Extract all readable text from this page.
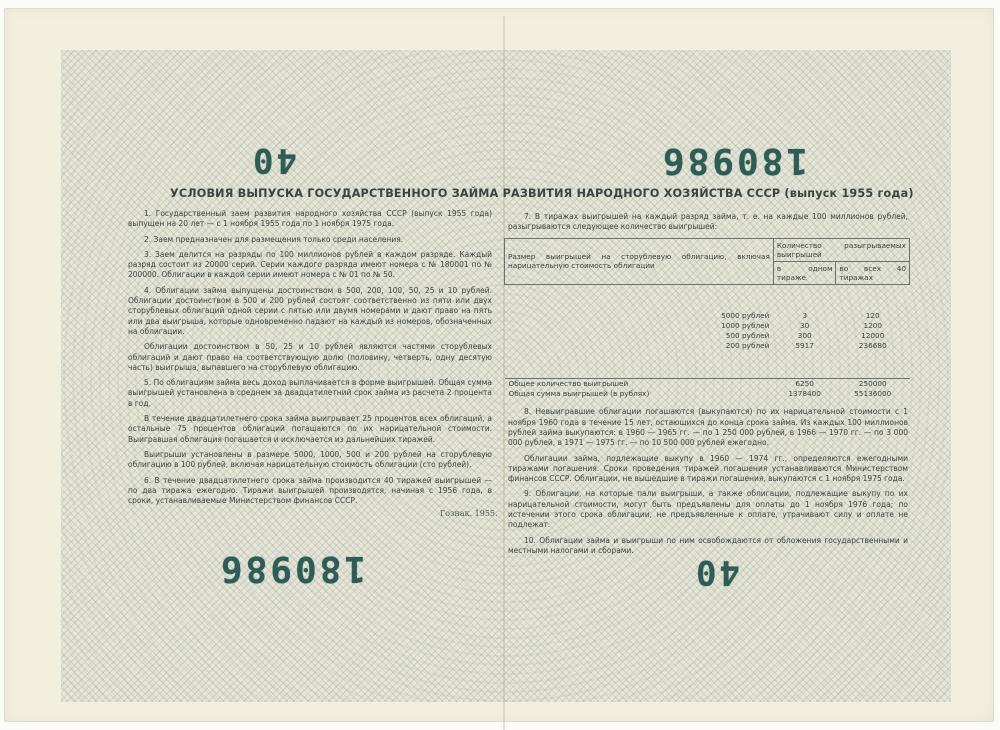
40	180986
180986	40
УСЛОВИЯ ВЫПУСКА ГОСУДАРСТВЕННОГО ЗАЙМА РАЗВИТИЯ НАРОДНОГО ХОЗЯЙСТВА СССР (выпуск 1955 года)

1. Государственный заем развития народного хозяйства СССР (выпуск 1955 года) выпущен на 20 лет — с 1 ноября 1955 года по 1 ноября 1975 года.

2. Заем предназначен для размещения только среди населения.

3. Заем делится на разряды по 100 миллионов рублей в каждом разряде. Каждый разряд состоит из 20000 серий. Серии каждого разряда имеют номера с № 180001 по № 200000. Облигации в каждой серии имеют номера с № 01 по № 50.

4. Облигации займа выпущены достоинством в 500, 200, 100, 50, 25 и 10 рублей. Облигации достоинством в 500 и 200 рублей состоят соответственно из пяти или двух сторублевых облигаций одной серии с пятью или двумя номерами и дают право на пять или два выигрыша, которые одновременно падают на каждый из номеров, обозначенных на облигации.

Облигации достоинством в 50, 25 и 10 рублей являются частями сторублевых облигаций и дают право на соответствующую долю (половину, четверть, одну десятую часть) выигрыша, выпавшего на сторублевую облигацию.

5. По облигациям займа весь доход выплачивается в форме выигрышей. Общая сумма выигрышей установлена в среднем за двадцатилетний срок займа из расчета 2 процента в год.

В течение двадцатилетнего срока займа выигрывает 25 процентов всех облигаций, а остальные 75 процентов облигаций погашаются по их нарицательной стоимости. Выигравшая облигация погашается и исключается из дальнейших тиражей.

Выигрыши установлены в размере 5000, 1000, 500 и 200 рублей на сторублевую облигацию в 100 рублей, включая нарицательную стоимость облигации (сто рублей).

6. В течение двадцатилетнего срока займа производится 40 тиражей выигрышей — по два тиража ежегодно. Тиражи выигрышей производятся, начиная с 1956 года, в сроки, устанавливаемые Министерством финансов СССР.

7. В тиражах выигрышей на каждый разряд займа, т. е. на каждые 100 миллионов рублей, разыгрываются следующее количество выигрышей:

Размер выигрышей на сторублевую облигацию, включая нарицательную стоимость облигации	Количество разыгрываемых выигрышей	
	в одном тираже	во всех 40 тиражах

5000 рублей	3	120
1000 рублей	30	1200
500 рублей	300	12000
200 рублей	5917	236680

Общее количество выигрышей	6250	250000
Общая сумма выигрышей (в рублях)	1378400	55136000

8. Невыигравшие облигации погашаются (выкупаются) по их нарицательной стоимости с 1 ноября 1960 года в течение 15 лет, остающихся до конца срока займа. Из каждых 100 миллионов рублей займа выкупаются: в 1960 — 1965 гг. — по 1 250 000 рублей, в 1966 — 1970 гг. — по 3 000 000 рублей, в 1971 — 1975 гг. — по 10 500 000 рублей ежегодно.

Облигации займа, подлежащие выкупу в 1960 — 1974 гг., определяются ежегодными тиражами погашения. Сроки проведения тиражей погашения устанавливаются Министерством финансов СССР. Облигации, не вышедшие в тиражи погашения, выкупаются с 1 ноября 1975 года.

9. Облигации, на которые пали выигрыши, а также облигации, подлежащие выкупу по их нарицательной стоимости, могут быть предъявлены для оплаты до 1 ноября 1976 года; по истечении этого срока облигации, не предъявленные к оплате, утрачивают силу и оплате не подлежат.

10. Облигации займа и выигрыши по ним освобождаются от обложения государственными и местными налогами и сборами.

Гознак. 1955.
